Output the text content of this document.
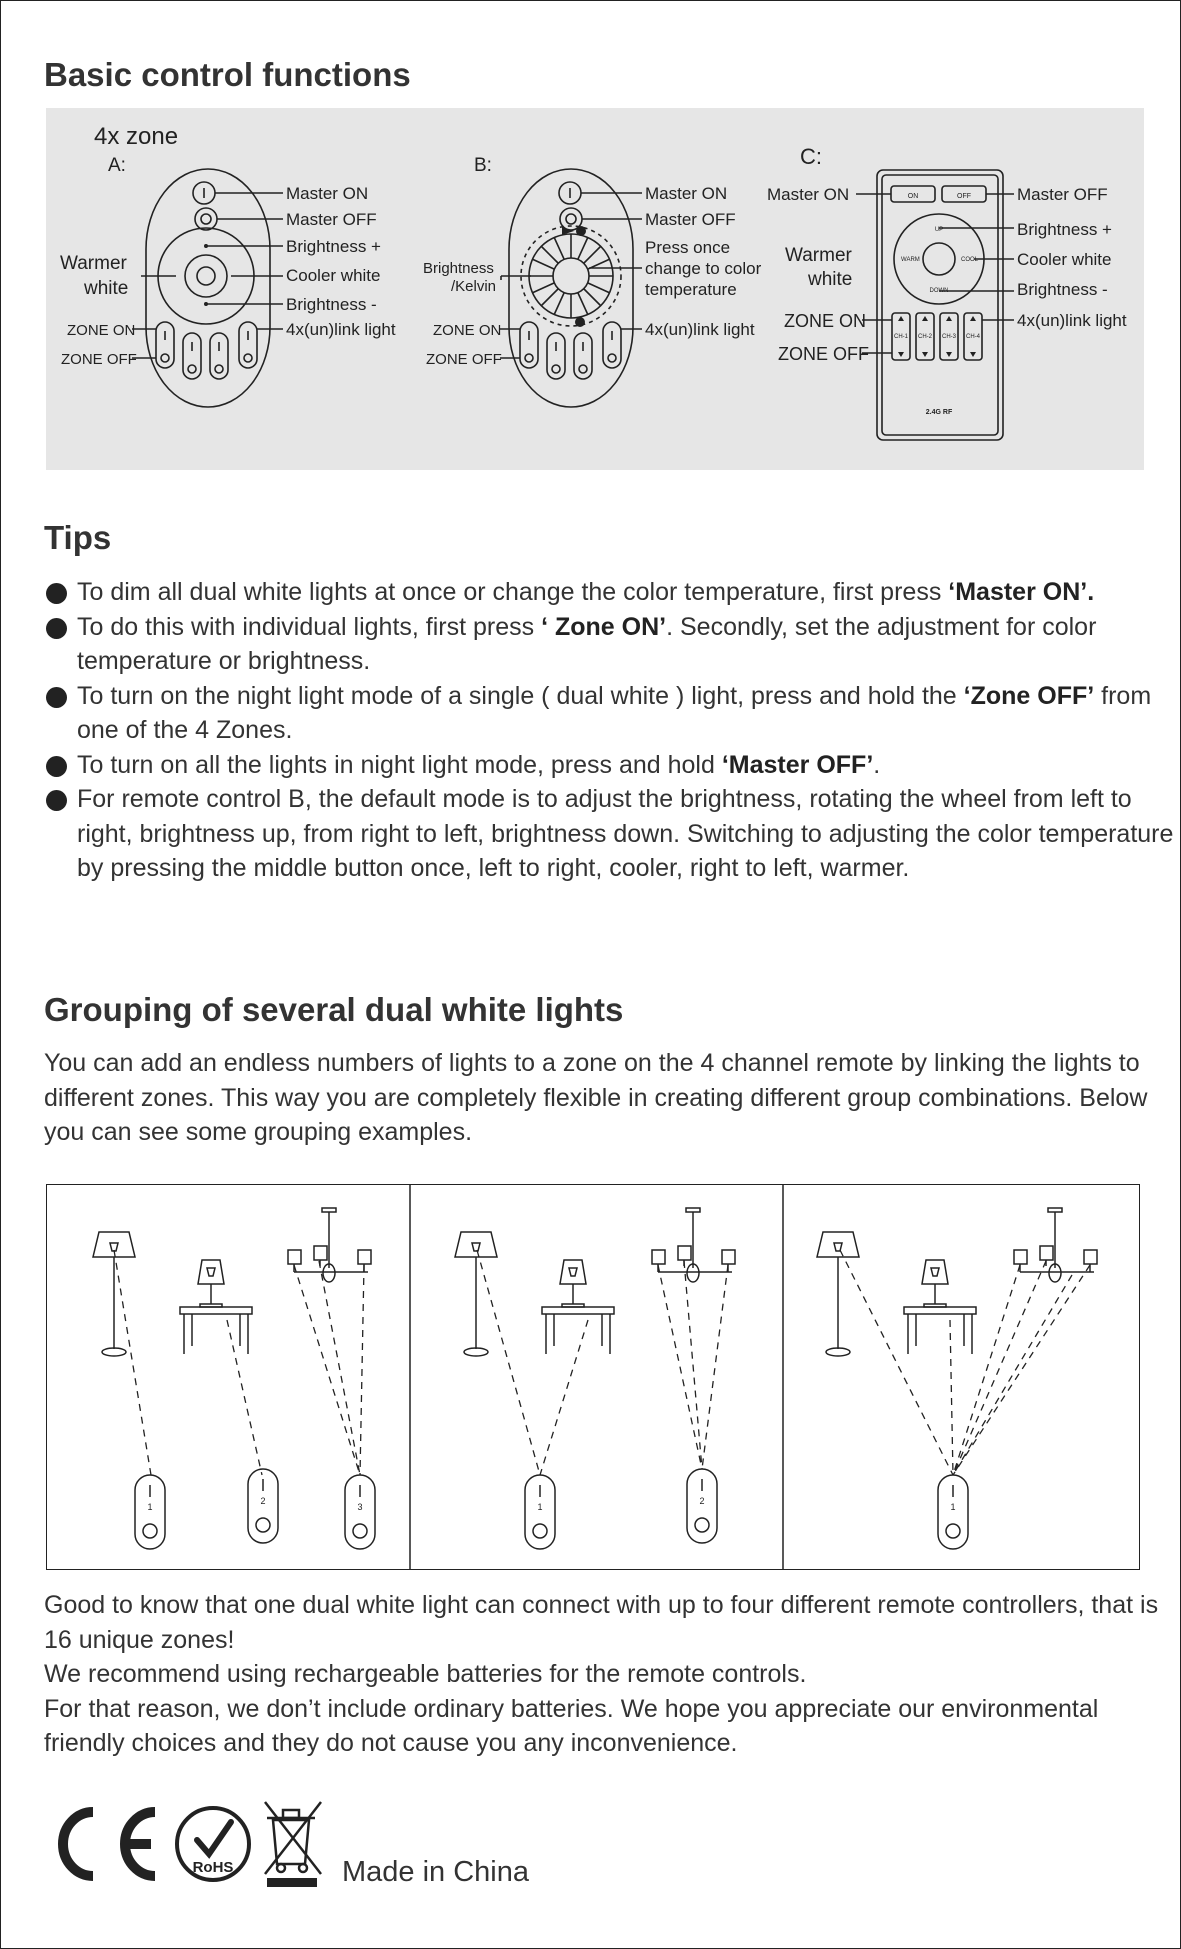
Basic control functions
4x zone
A:
Master ON
Master OFF
Brightness +
Cooler white
Brightness -
4x(un)link light
Warmer
white
ZONE ON
ZONE OFF
B:
Master ON
Master OFF
Press once
change to color
temperature
Brightness
/Kelvin
4x(un)link light
ZONE ON
ZONE OFF
ON	OFF
UP
DOWN
WARM	COOL
CH-1 CH-2 CH-3 CH-4
2.4G RF
C:
Master ON	Master OFF
Brightness +
Cooler white
Brightness -
4x(un)link light
Warmer
white
ZONE ON
ZONE OFF
Tips
To dim all dual white lights at once or change the color temperature, first press ‘Master ON’.
To do this with individual lights, first press ‘ Zone ON’. Secondly, set the adjustment for color temperature or brightness.
To turn on the night light mode of a single ( dual white ) light, press and hold the ‘Zone OFF’ from one of the 4 Zones.
To turn on all the lights in night light mode, press and hold ‘Master OFF’.
For remote control B, the default mode is to adjust the brightness, rotating the wheel from left to right, brightness up, from right to left, brightness down. Switching to adjusting the color temperature by pressing the middle button once, left to right, cooler, right to left, warmer.
Grouping of several dual white lights
You can add an endless numbers of lights to a zone on the 4 channel remote by linking the lights to different zones. This way you are completely flexible in creating different group combinations. Below you can see some grouping examples.
1
2
3	1
2
1
Good to know that one dual white light can connect with up to four different remote controllers, that is 16 unique zones!
We recommend using rechargeable batteries for the remote controls.
For that reason, we don’t include ordinary batteries. We hope you appreciate our environmental friendly choices and they do not cause you any inconvenience.
RoHS	Made in China
